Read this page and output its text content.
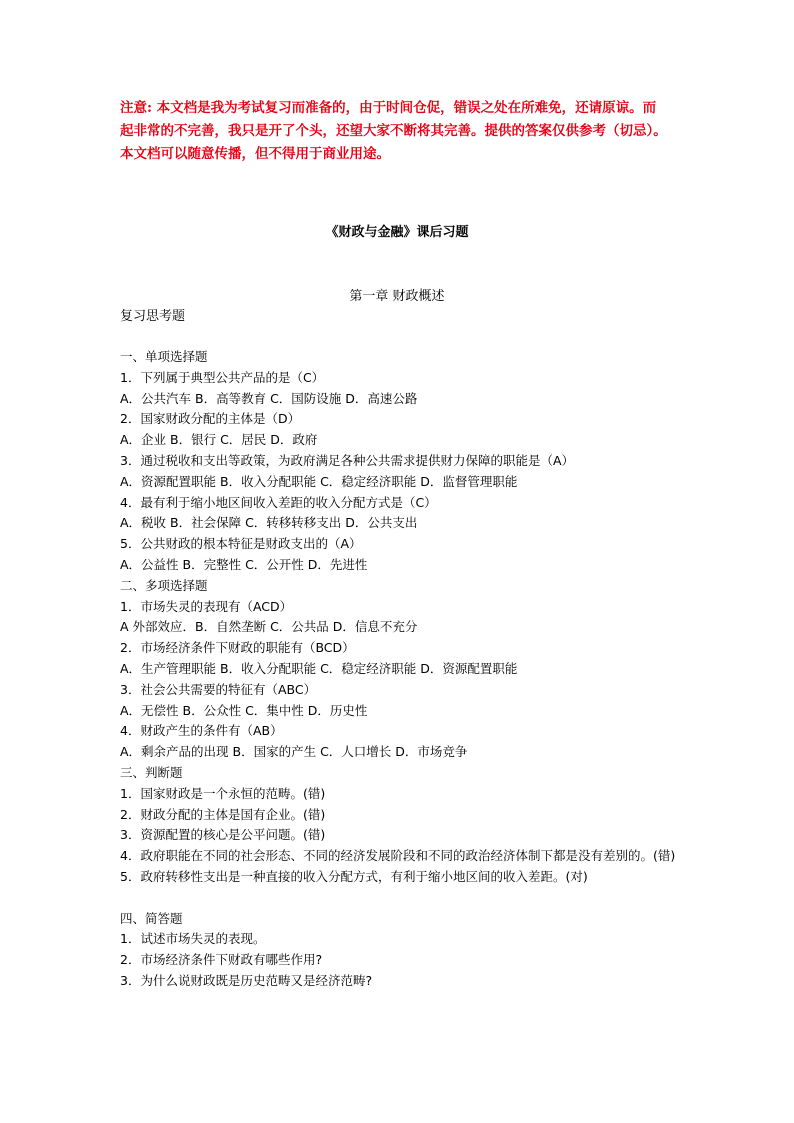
注意: 本文档是我为考试复习而准备的，由于时间仓促，错误之处在所难免，还请原谅。而
起非常的不完善，我只是开了个头，还望大家不断将其完善。提供的答案仅供参考（切忌）。
本文档可以随意传播，但不得用于商业用途。
《财政与金融》课后习题
第一章 财政概述
复习思考题
一、单项选择题
1．下列属于典型公共产品的是（C）
A．公共汽车 B．高等教育 C．国防设施 D．高速公路
2．国家财政分配的主体是（D）
A．企业 B．银行 C．居民 D．政府
3．通过税收和支出等政策，为政府满足各种公共需求提供财力保障的职能是（A）
A．资源配置职能 B．收入分配职能 C．稳定经济职能 D．监督管理职能
4．最有利于缩小地区间收入差距的收入分配方式是（C）
A．税收 B．社会保障 C．转移转移支出 D．公共支出
5．公共财政的根本特征是财政支出的（A）
A．公益性 B．完整性 C．公开性 D．先进性
二、多项选择题
1．市场失灵的表现有（ACD）
A 外部效应．B．自然垄断 C．公共品 D．信息不充分
2．市场经济条件下财政的职能有（BCD）
A．生产管理职能 B．收入分配职能 C．稳定经济职能 D．资源配置职能
3．社会公共需要的特征有（ABC）
A．无偿性 B．公众性 C．集中性 D．历史性
4．财政产生的条件有（AB）
A．剩余产品的出现 B．国家的产生 C．人口增长 D．市场竞争
三、判断题
1．国家财政是一个永恒的范畴。(错)
2．财政分配的主体是国有企业。(错)
3．资源配置的核心是公平问题。(错)
4．政府职能在不同的社会形态、不同的经济发展阶段和不同的政治经济体制下都是没有差别的。(错)
5．政府转移性支出是一种直接的收入分配方式，有利于缩小地区间的收入差距。(对)
四、简答题
1．试述市场失灵的表现。
2．市场经济条件下财政有哪些作用?
3．为什么说财政既是历史范畴又是经济范畴?
